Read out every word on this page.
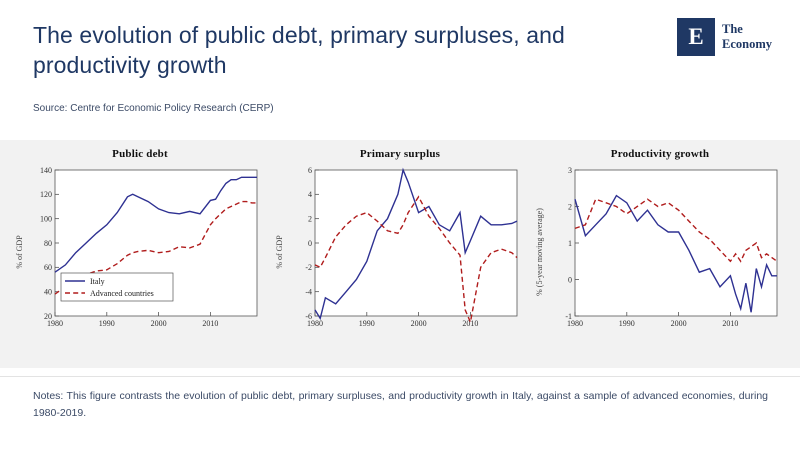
The evolution of public debt, primary surpluses, and productivity growth
Source: Centre for Economic Policy Research (CERP)
E	The
Economy
Public debt
% of GDP
20
40
60
80
100
120
140
1980	1990	2000	2010
Italy
Advanced countries
Primary surplus
% of GDP
-6
-4
-2
0
2
4
6
1980	1990	2000	2010
Productivity growth
% (5-year moving average)
-1
0
1
2
3
1980	1990	2000	2010
Notes: This figure contrasts the evolution of public debt, primary surpluses, and productivity growth in Italy, against a sample of advanced economies, during 1980-2019.
